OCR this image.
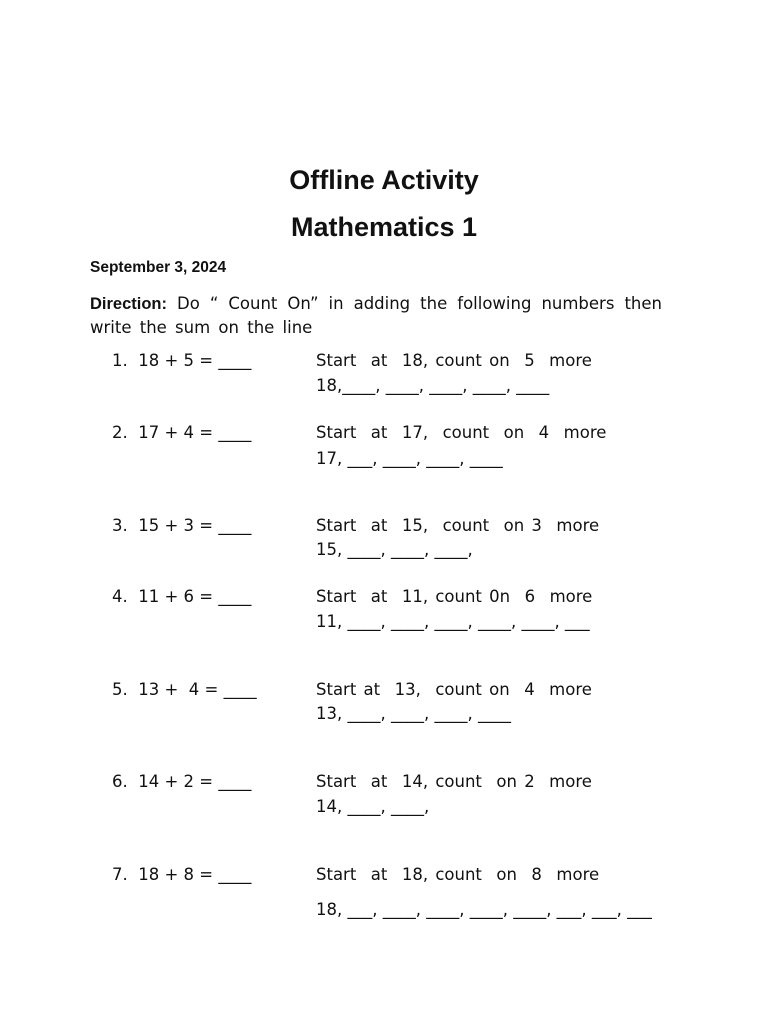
Offline Activity
Mathematics 1
September 3, 2024
Direction: Do “ Count On” in adding the following numbers then write the sum on the line
1.  18 + 5 = ____	Start  at  18, count on  5  more
18,____, ____, ____, ____, ____
2.  17 + 4 = ____	Start  at  17,  count  on  4  more
17, ___, ____, ____, ____
3.  15 + 3 = ____	Start  at  15,  count  on 3  more
15, ____, ____, ____,
4.  11 + 6 = ____	Start  at  11, count 0n  6  more
11, ____, ____, ____, ____, ____, ___
5.  13 +  4 = ____	Start at  13,  count on  4  more
13, ____, ____, ____, ____
6.  14 + 2 = ____	Start  at  14, count  on 2  more
14, ____, ____,
7.  18 + 8 = ____	Start  at  18, count  on  8  more
18, ___, ____, ____, ____, ____, ___, ___, ___
